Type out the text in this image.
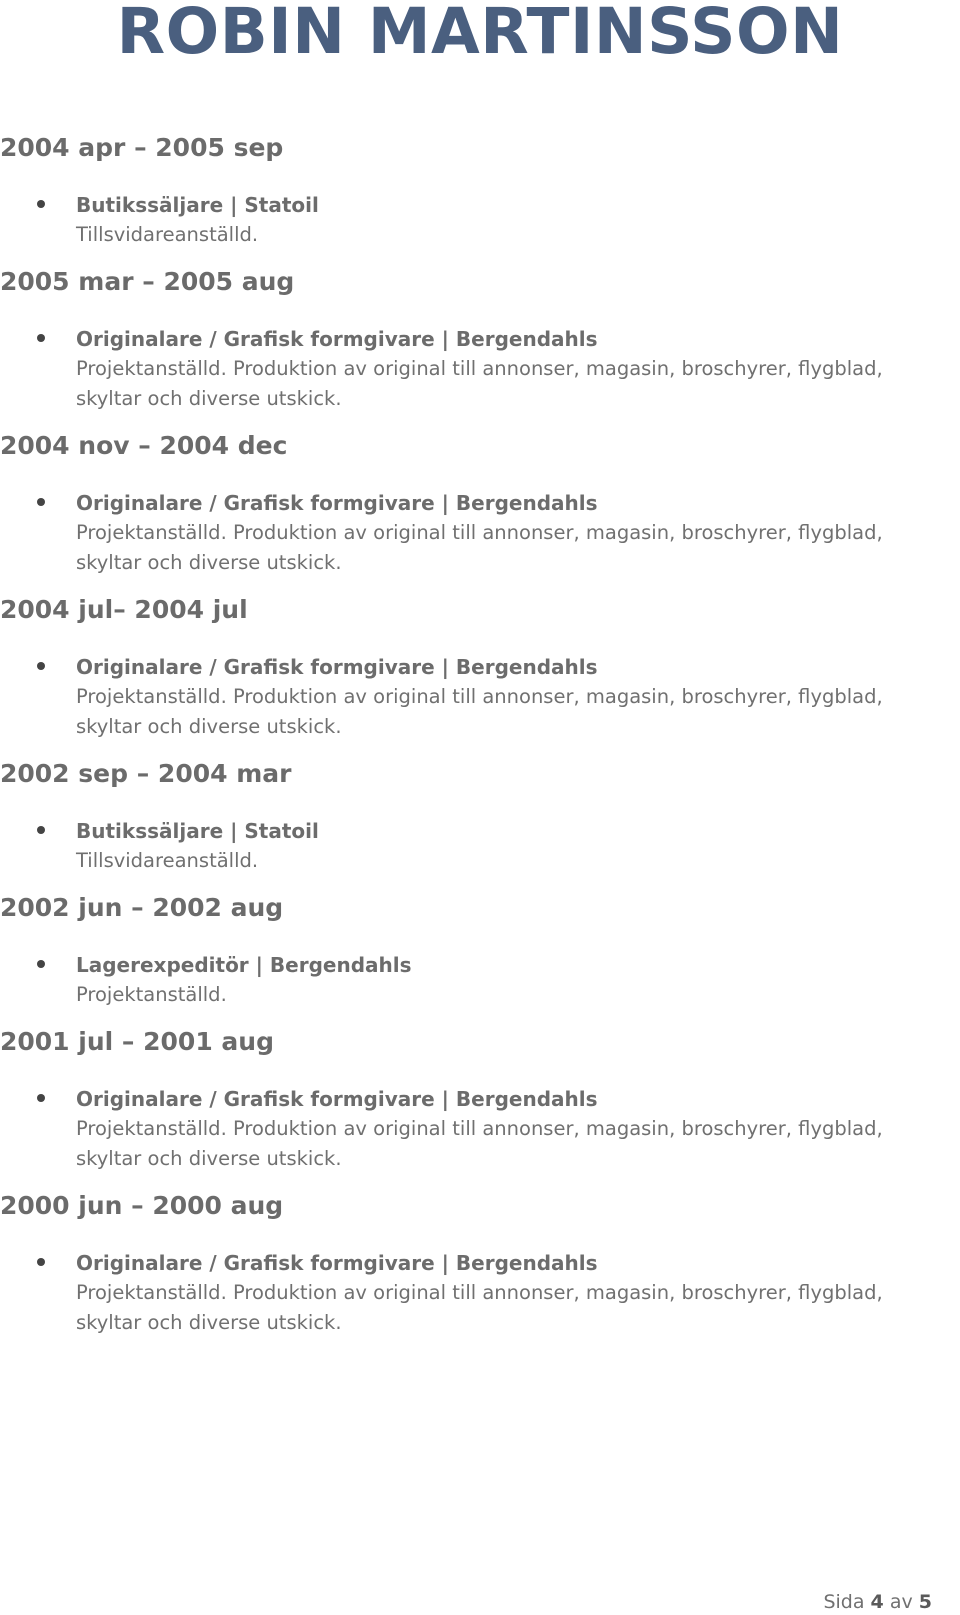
ROBIN MARTINSSON
2004 apr – 2005 sep
Butikssäljare | Statoil
Tillsvidareanställd.
2005 mar – 2005 aug
Originalare / Grafisk formgivare | Bergendahls
Projektanställd. Produktion av original till annonser, magasin, broschyrer, flygblad, skyltar och diverse utskick.
2004 nov – 2004 dec
Originalare / Grafisk formgivare | Bergendahls
Projektanställd. Produktion av original till annonser, magasin, broschyrer, flygblad, skyltar och diverse utskick.
2004 jul– 2004 jul
Originalare / Grafisk formgivare | Bergendahls
Projektanställd. Produktion av original till annonser, magasin, broschyrer, flygblad, skyltar och diverse utskick.
2002 sep – 2004 mar
Butikssäljare | Statoil
Tillsvidareanställd.
2002 jun – 2002 aug
Lagerexpeditör | Bergendahls
Projektanställd.
2001 jul – 2001 aug
Originalare / Grafisk formgivare | Bergendahls
Projektanställd. Produktion av original till annonser, magasin, broschyrer, flygblad, skyltar och diverse utskick.
2000 jun – 2000 aug
Originalare / Grafisk formgivare | Bergendahls
Projektanställd. Produktion av original till annonser, magasin, broschyrer, flygblad, skyltar och diverse utskick.
Sida 4 av 5
